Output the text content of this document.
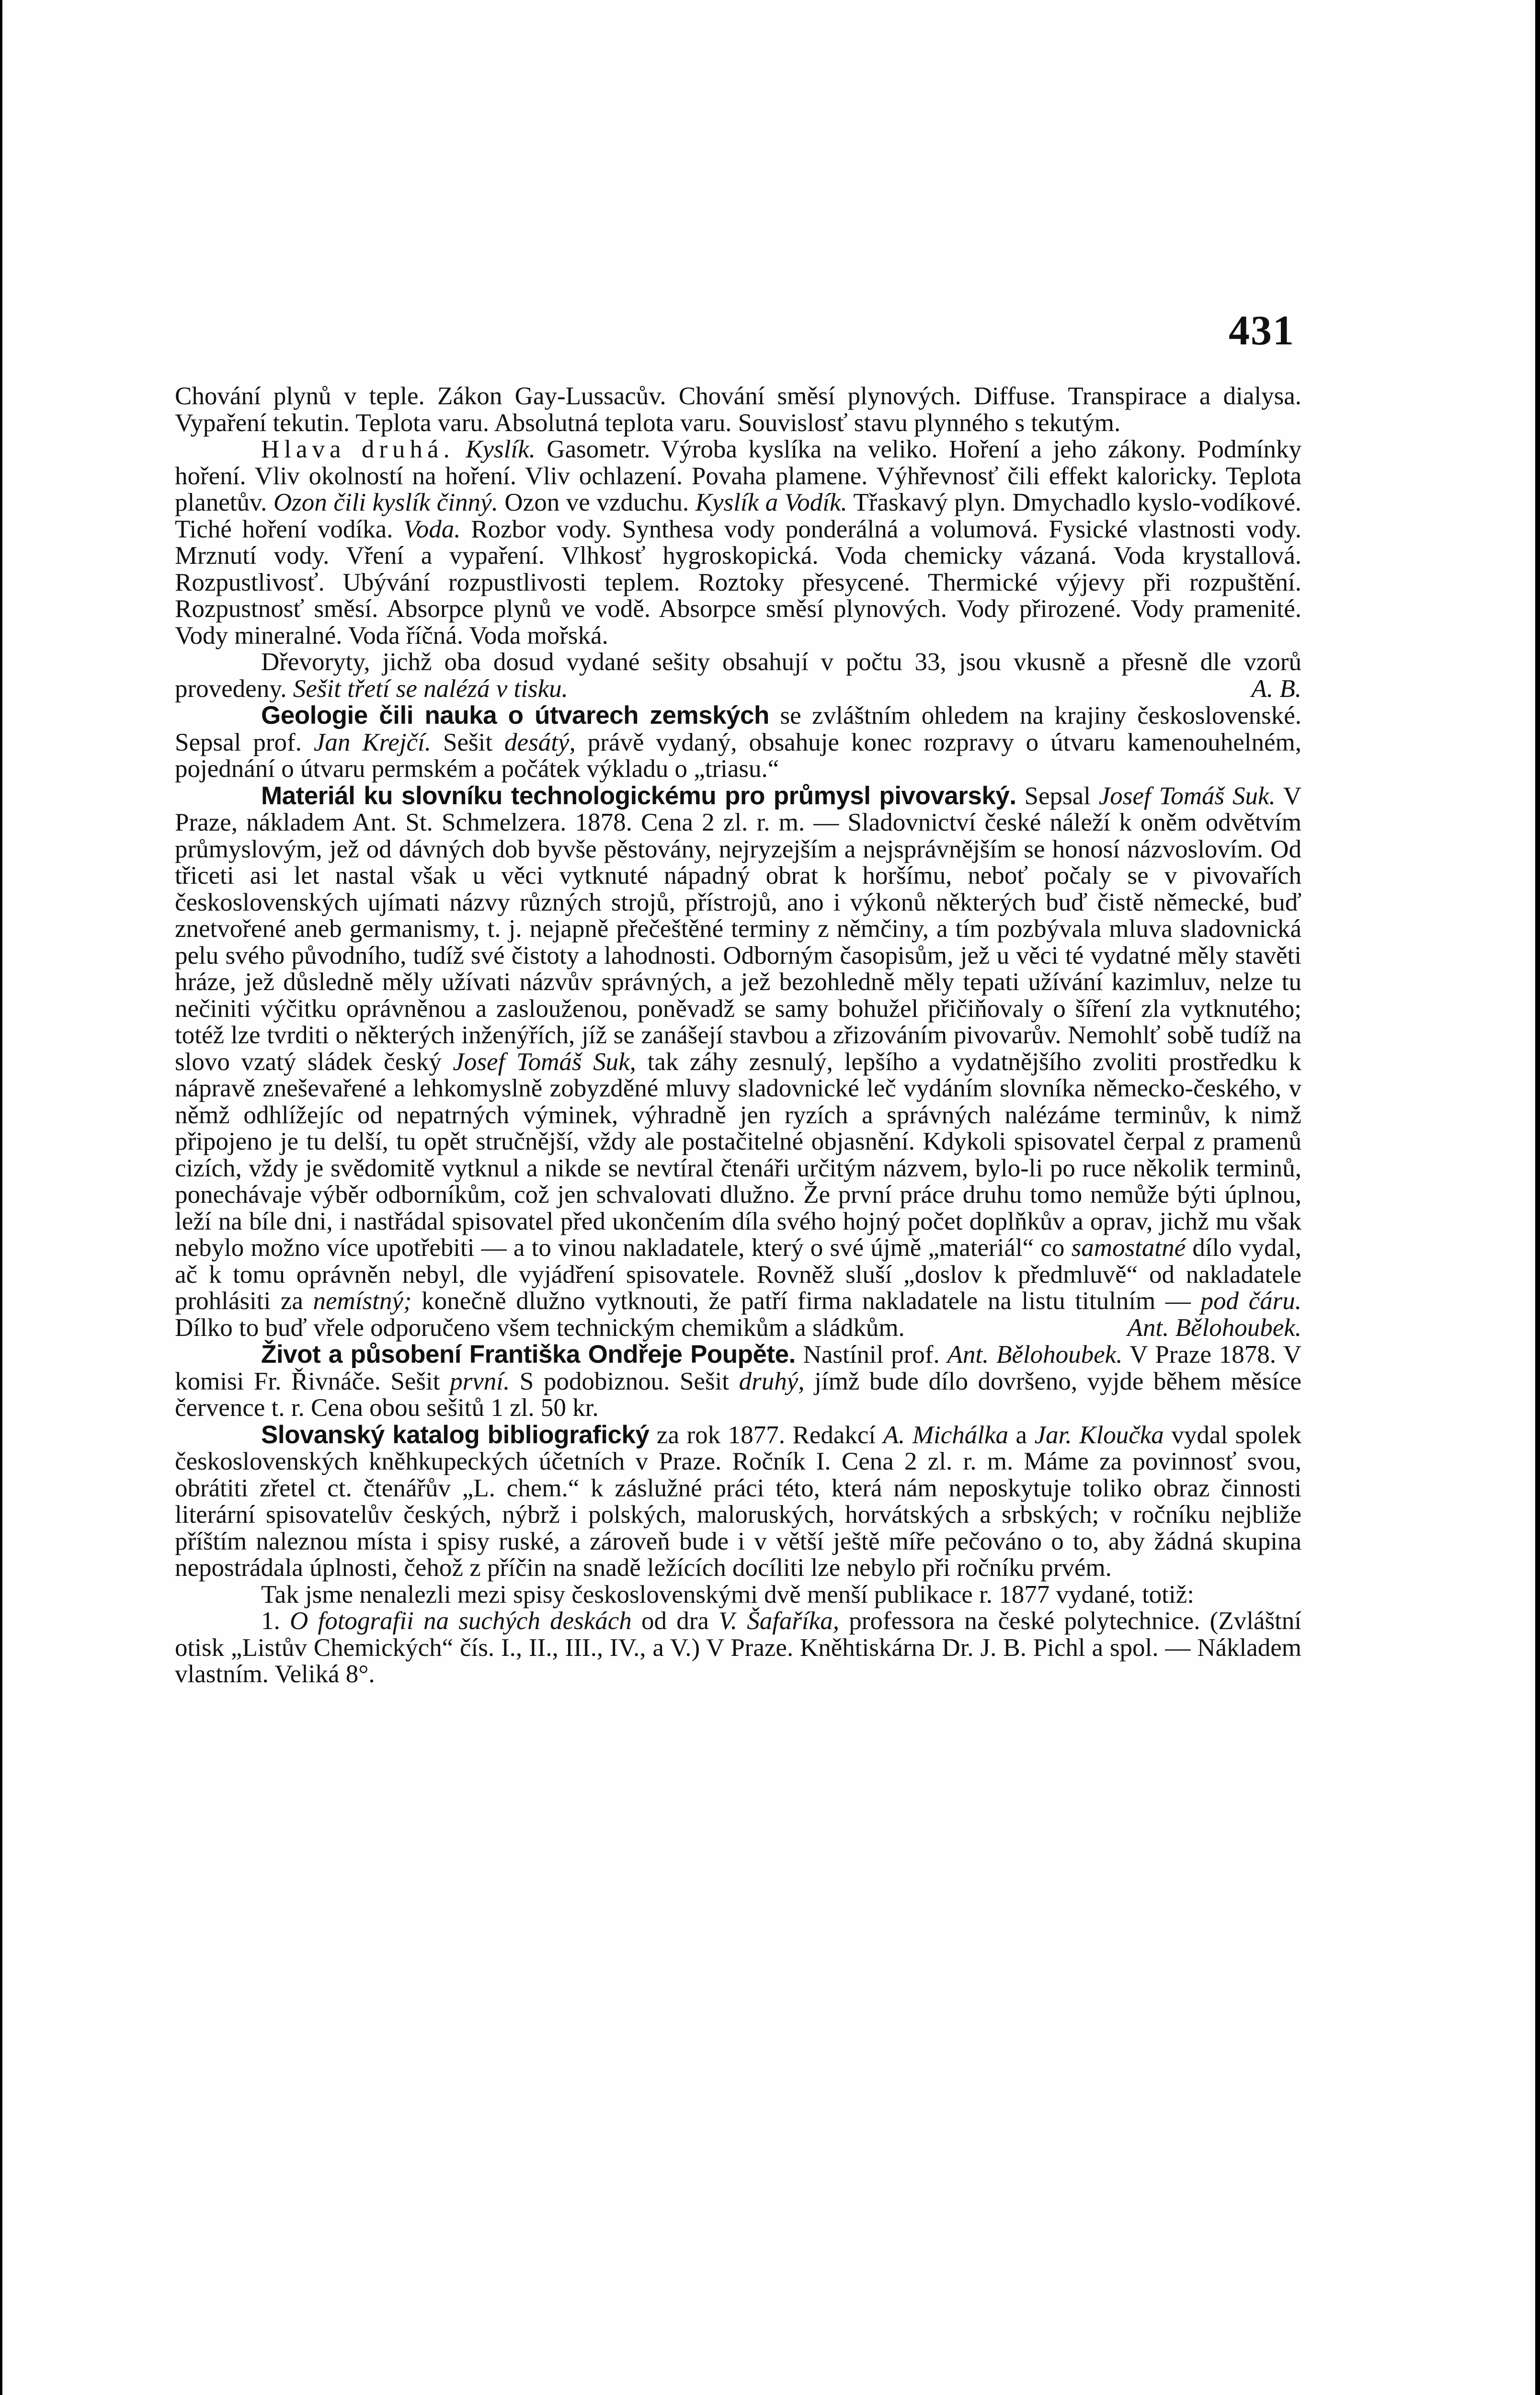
431

Chování plynů v teple. Zákon Gay-Lussacův. Chování směsí plynových. Diffuse. Transpirace a dialysa. Vypaření tekutin. Teplota varu. Absolutná teplota varu. Souvislosť stavu plynného s tekutým.

Hlava druhá. Kyslík. Gasometr. Výroba kyslíka na veliko. Hoření a jeho zákony. Podmínky hoření. Vliv okolností na hoření. Vliv ochlazení. Povaha plamene. Výhřevnosť čili effekt kaloricky. Teplota planetův. Ozon čili kyslík činný. Ozon ve vzduchu. Kyslík a Vodík. Třaskavý plyn. Dmychadlo kyslo-vodíkové. Tiché hoření vodíka. Voda. Rozbor vody. Synthesa vody ponderálná a volumová. Fysické vlastnosti vody. Mrznutí vody. Vření a vypaření. Vlhkosť hygroskopická. Voda chemicky vázaná. Voda krystallová. Rozpustlivosť. Ubývání rozpustlivosti teplem. Roztoky přesycené. Thermické výjevy při rozpuštění. Rozpustnosť směsí. Absorpce plynů ve vodě. Absorpce směsí plynových. Vody přirozené. Vody pramenité. Vody mineralné. Voda říčná. Voda mořská.

Dřevoryty, jichž oba dosud vydané sešity obsahují v počtu 33, jsou vkusně a přesně dle vzorů provedeny. Sešit třetí se nalézá v tisku.	A. B.

Geologie čili nauka o útvarech zemských se zvláštním ohledem na krajiny československé. Sepsal prof. Jan Krejčí. Sešit desátý, právě vydaný, obsahuje konec rozpravy o útvaru kamenouhelném, pojednání o útvaru permském a počátek výkladu o „triasu.“

Materiál ku slovníku technologickému pro průmysl pivovarský. Sepsal Josef Tomáš Suk. V Praze, nákladem Ant. St. Schmelzera. 1878. Cena 2 zl. r. m. — Sladovnictví české náleží k oněm odvětvím průmyslovým, jež od dávných dob byvše pěstovány, nejryzejším a nejsprávnějším se honosí názvoslovím. Od třiceti asi let nastal však u věci vytknuté nápadný obrat k horšímu, neboť počaly se v pivovařích československých ujímati názvy různých strojů, přístrojů, ano i výkonů některých buď čistě německé, buď znetvořené aneb germanismy, t. j. nejapně přečeštěné terminy z němčiny, a tím pozbývala mluva sladovnická pelu svého původního, tudíž své čistoty a lahodnosti. Odborným časopisům, jež u věci té vydatné měly stavěti hráze, jež důsledně měly užívati názvův správných, a jež bezohledně měly tepati užívání kazimluv, nelze tu nečiniti výčitku oprávněnou a zaslouženou, poněvadž se samy bohužel přičiňovaly o šíření zla vytknutého; totéž lze tvrditi o některých inženýřích, jíž se zanášejí stavbou a zřizováním pivovarův. Nemohlť sobě tudíž na slovo vzatý sládek český Josef Tomáš Suk, tak záhy zesnulý, lepšího a vydatnějšího zvoliti prostředku k nápravě zneševařené a lehkomyslně zobyzděné mluvy sladovnické leč vydáním slovníka německo-českého, v němž odhlížejíc od nepatrných výminek, výhradně jen ryzích a správných nalézáme terminův, k nimž připojeno je tu delší, tu opět stručnější, vždy ale postačitelné objasnění. Kdykoli spisovatel čerpal z pramenů cizích, vždy je svědomitě vytknul a nikde se nevtíral čtenáři určitým názvem, bylo-li po ruce několik terminů, ponechávaje výběr odborníkům, což jen schvalovati dlužno. Že první práce druhu tomo nemůže býti úplnou, leží na bíle dni, i nastřádal spisovatel před ukončením díla svého hojný počet doplňkův a oprav, jichž mu však nebylo možno více upotřebiti — a to vinou nakladatele, který o své újmě „materiál“ co samostatné dílo vydal, ač k tomu oprávněn nebyl, dle vyjádření spisovatele. Rovněž sluší „doslov k předmluvě“ od nakladatele prohlásiti za nemístný; konečně dlužno vytknouti, že patří firma nakladatele na listu titulním — pod čáru. Dílko to buď vřele odporučeno všem technickým chemikům a sládkům.	Ant. Bělohoubek.

Život a působení Františka Ondřeje Poupěte. Nastínil prof. Ant. Bělohoubek. V Praze 1878. V komisi Fr. Řivnáče. Sešit první. S podobiznou. Sešit druhý, jímž bude dílo dovršeno, vyjde během měsíce července t. r. Cena obou sešitů 1 zl. 50 kr.

Slovanský katalog bibliografický za rok 1877. Redakcí A. Michálka a Jar. Kloučka vydal spolek československých kněhkupeckých účetních v Praze. Ročník I. Cena 2 zl. r. m. Máme za povinnosť svou, obrátiti zřetel ct. čtenářův „L. chem.“ k záslužné práci této, která nám neposkytuje toliko obraz činnosti literární spisovatelův českých, nýbrž i polských, maloruských, horvátských a srbských; v ročníku nejbliže příštím naleznou místa i spisy ruské, a zároveň bude i v větší ještě míře pečováno o to, aby žádná skupina nepostrádala úplnosti, čehož z příčin na snadě ležících docíliti lze nebylo při ročníku prvém.

Tak jsme nenalezli mezi spisy československými dvě menší publikace r. 1877 vydané, totiž:

1. O fotografii na suchých deskách od dra V. Šafaříka, professora na české polytechnice. (Zvláštní otisk „Listův Chemických“ čís. I., II., III., IV., a V.) V Praze. Kněhtiskárna Dr. J. B. Pichl a spol. — Nákladem vlastním. Veliká 8°.
